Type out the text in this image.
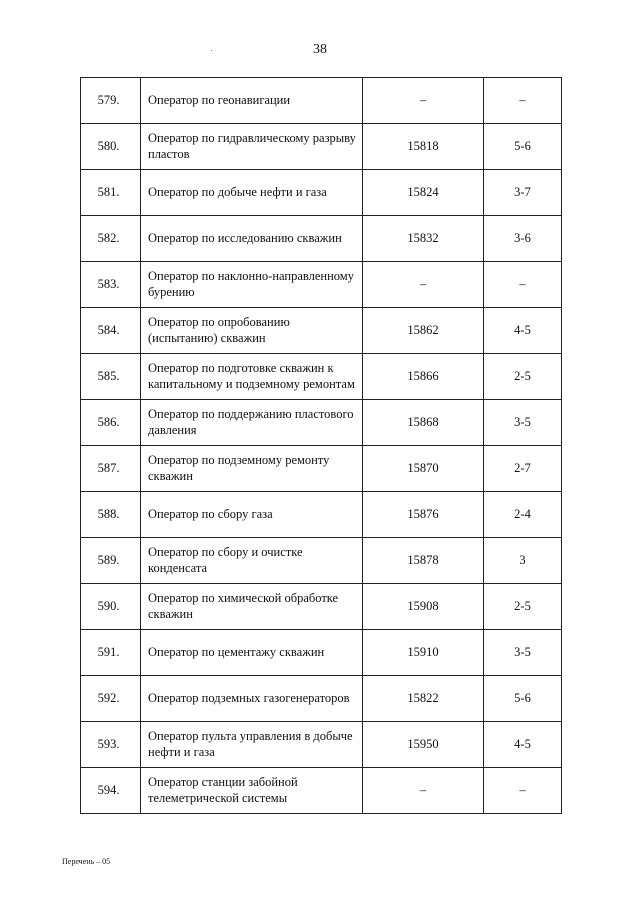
38
579.	Оператор по геонавигации	–	–
580.	Оператор по гидравлическому разрыву пластов	15818	5-6
581.	Оператор по добыче нефти и газа	15824	3-7
582.	Оператор по исследованию скважин	15832	3-6
583.	Оператор по наклонно-направленному бурению	–	–
584.	Оператор по опробованию (испытанию) скважин	15862	4-5
585.	Оператор по подготовке скважин к капитальному и подземному ремонтам	15866	2-5
586.	Оператор по поддержанию пластового давления	15868	3-5
587.	Оператор по подземному ремонту скважин	15870	2-7
588.	Оператор по сбору газа	15876	2-4
589.	Оператор по сбору и очистке конденсата	15878	3
590.	Оператор по химической обработке скважин	15908	2-5
591.	Оператор по цементажу скважин	15910	3-5
592.	Оператор подземных газогенераторов	15822	5-6
593.	Оператор пульта управления в добыче нефти и газа	15950	4-5
594.	Оператор станции забойной телеметрической системы	–	–
Перечень – 05
